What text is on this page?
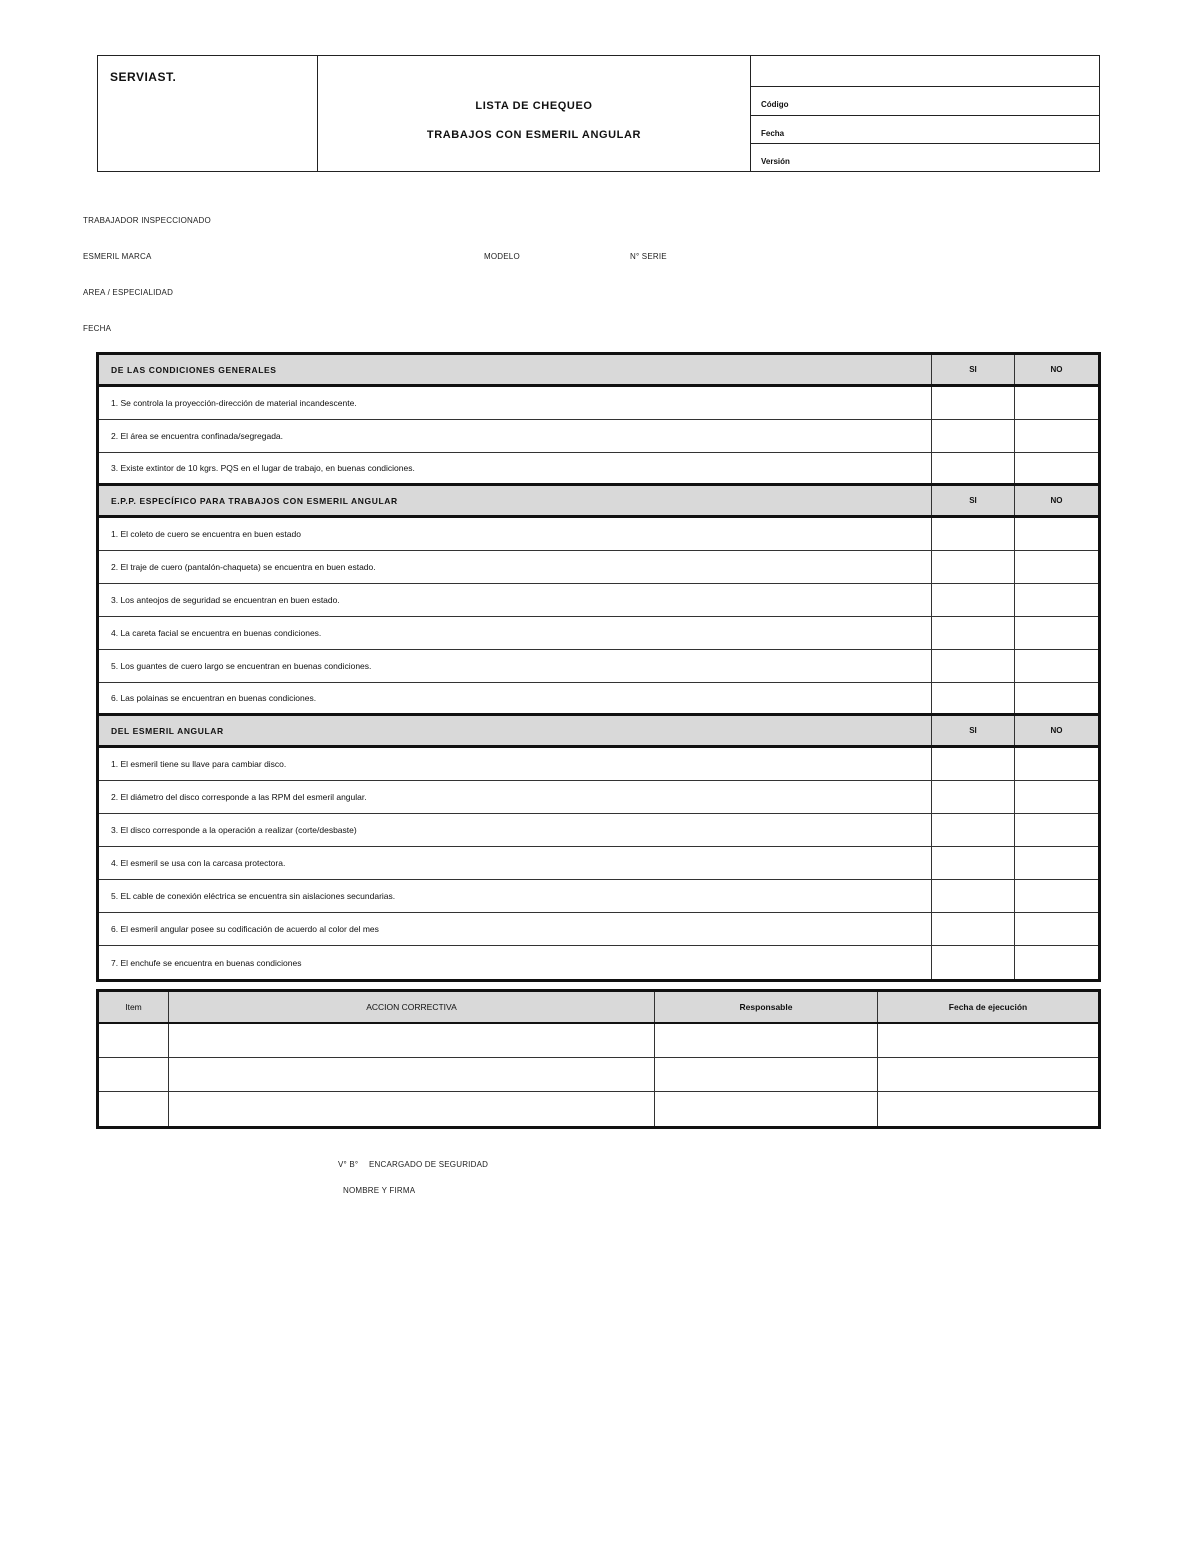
SERVIAST.
LISTA DE CHEQUEO
TRABAJOS CON ESMERIL ANGULAR
Código
Fecha
Versión
TRABAJADOR INSPECCIONADO
ESMERIL MARCA	MODELO	N° SERIE
AREA / ESPECIALIDAD
FECHA
DE LAS CONDICIONES GENERALES	SI	NO
1. Se controla la proyección-dirección de material incandescente.
2. El área se encuentra confinada/segregada.
3. Existe extintor de 10 kgrs. PQS en el lugar de trabajo, en buenas condiciones.
E.P.P. ESPECÍFICO PARA TRABAJOS CON ESMERIL ANGULAR	SI	NO
1. El coleto de cuero se encuentra en buen estado
2. El traje de cuero (pantalón-chaqueta) se encuentra en buen estado.
3. Los anteojos de seguridad se encuentran en buen estado.
4. La careta facial se encuentra en buenas condiciones.
5. Los guantes de cuero largo se encuentran en buenas condiciones.
6. Las polainas se encuentran en buenas condiciones.
DEL ESMERIL ANGULAR	SI	NO
1. El esmeril tiene su llave para cambiar disco.
2. El diámetro del disco corresponde a las RPM del esmeril angular.
3. El disco corresponde a la operación a realizar (corte/desbaste)
4. El esmeril se usa con la carcasa protectora.
5. EL cable de conexión eléctrica se encuentra sin aislaciones secundarias.
6. El esmeril angular posee su codificación de acuerdo al color del mes
7. El enchufe se encuentra en buenas condiciones
Item	ACCION CORRECTIVA	Responsable	Fecha de ejecución
V° B° ENCARGADO DE SEGURIDAD
NOMBRE Y FIRMA
